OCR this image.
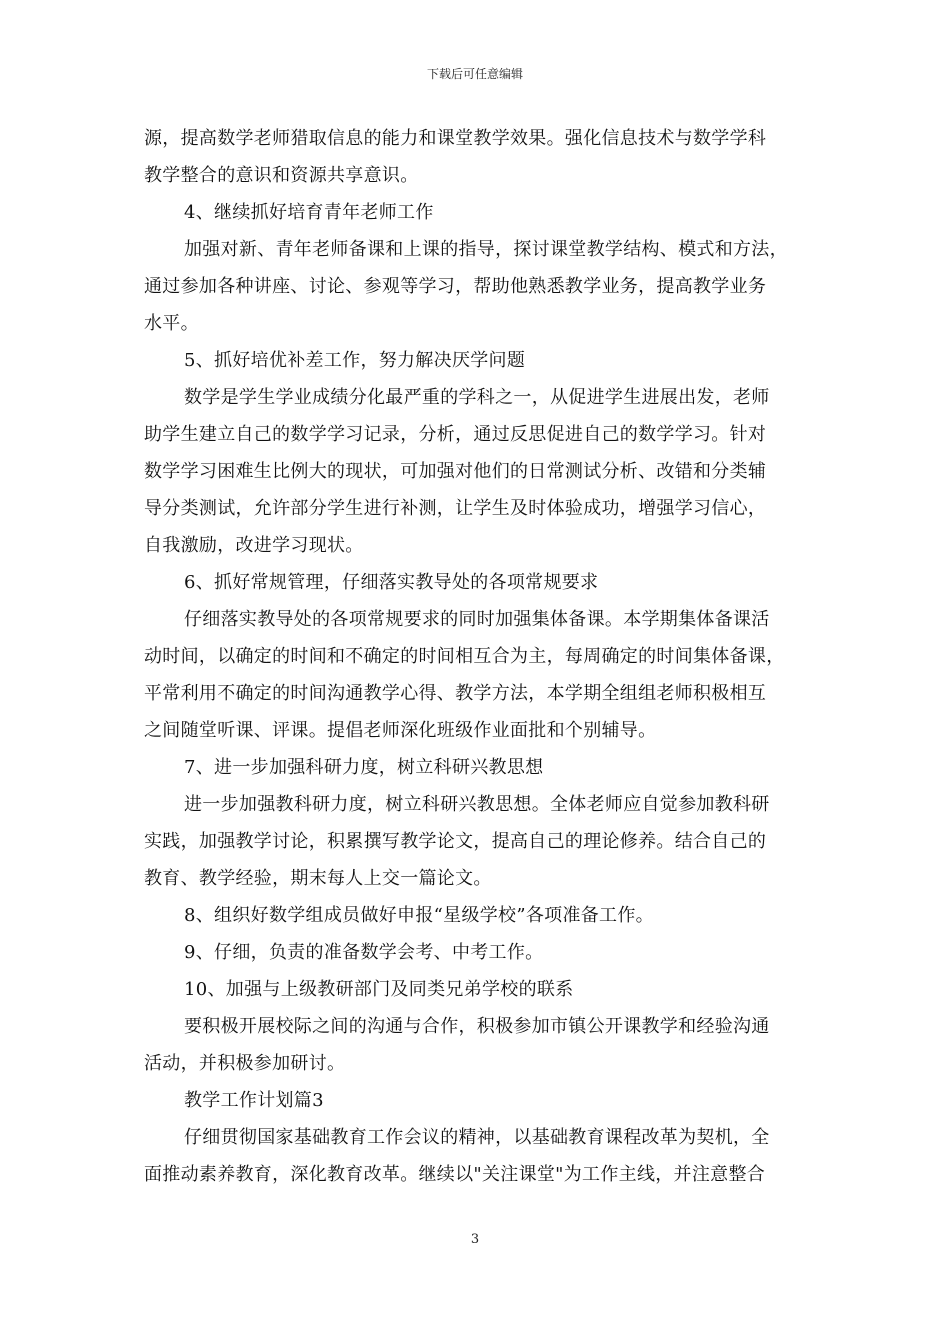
下载后可任意编辑
源，提高数学老师猎取信息的能力和课堂教学效果。强化信息技术与数学学科
教学整合的意识和资源共享意识。
4、继续抓好培育青年老师工作
加强对新、青年老师备课和上课的指导，探讨课堂教学结构、模式和方法，
通过参加各种讲座、讨论、参观等学习，帮助他熟悉教学业务，提高教学业务
水平。
5、抓好培优补差工作，努力解决厌学问题
数学是学生学业成绩分化最严重的学科之一，从促进学生进展出发，老师
助学生建立自己的数学学习记录，分析，通过反思促进自己的数学学习。针对
数学学习困难生比例大的现状，可加强对他们的日常测试分析、改错和分类辅
导分类测试，允许部分学生进行补测，让学生及时体验成功，增强学习信心，
自我激励，改进学习现状。
6、抓好常规管理，仔细落实教导处的各项常规要求
仔细落实教导处的各项常规要求的同时加强集体备课。本学期集体备课活
动时间，以确定的时间和不确定的时间相互合为主，每周确定的时间集体备课，
平常利用不确定的时间沟通教学心得、教学方法，本学期全组组老师积极相互
之间随堂听课、评课。提倡老师深化班级作业面批和个别辅导。
7、进一步加强科研力度，树立科研兴教思想
进一步加强教科研力度，树立科研兴教思想。全体老师应自觉参加教科研
实践，加强教学讨论，积累撰写教学论文，提高自己的理论修养。结合自己的
教育、教学经验，期末每人上交一篇论文。
8、组织好数学组成员做好申报“星级学校”各项准备工作。
9、仔细，负责的准备数学会考、中考工作。
10、加强与上级教研部门及同类兄弟学校的联系
要积极开展校际之间的沟通与合作，积极参加市镇公开课教学和经验沟通
活动，并积极参加研讨。
教学工作计划篇3
仔细贯彻国家基础教育工作会议的精神，以基础教育课程改革为契机，全
面推动素养教育，深化教育改革。继续以"关注课堂"为工作主线，并注意整合
3
